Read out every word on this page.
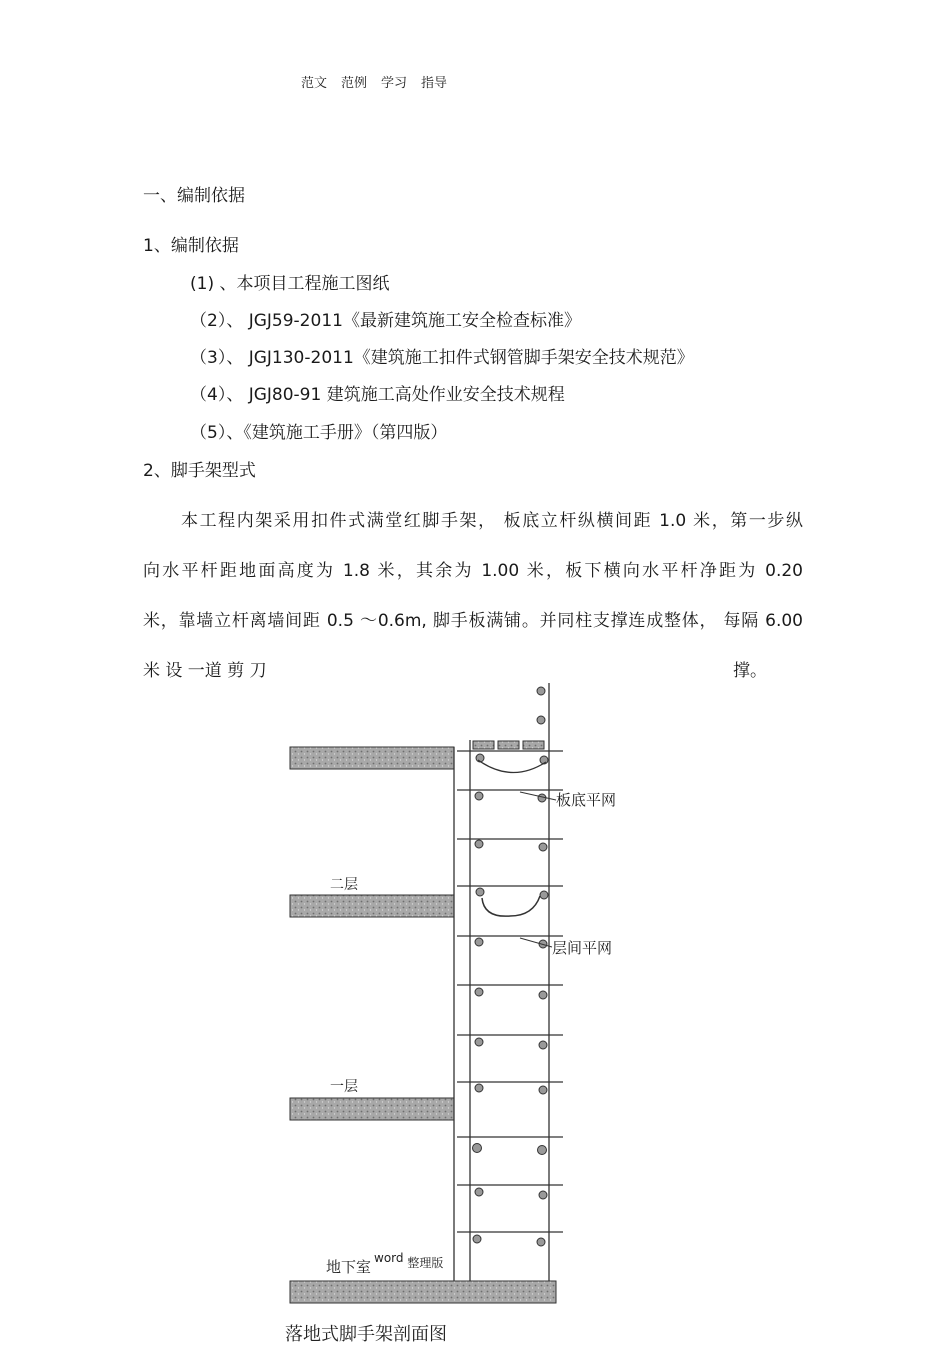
范文 范例 学习 指导
一、编制依据
1、编制依据
(1) 、本项目工程施工图纸
（2）、 JGJ59-2011《最新建筑施工安全检查标准》
（3）、 JGJ130-2011《建筑施工扣件式钢管脚手架安全技术规范》
（4）、 JGJ80-91 建筑施工高处作业安全技术规程
（5）、《建筑施工手册》（第四版）
2、脚手架型式
本工程内架采用扣件式满堂红脚手架， 板底立杆纵横间距 1.0 米，第一步纵
向水平杆距地面高度为 1.8 米，其余为 1.00 米，板下横向水平杆净距为 0.20
米，靠墙立杆离墙间距 0.5 ～0.6m, 脚手板满铺。并同柱支撑连成整体， 每隔 6.00
米 设 一道 剪 刀	撑。
板底平网
层间平网
二层
一层
地下室
落地式脚手架剖面图
$^{word}$ 整理版
